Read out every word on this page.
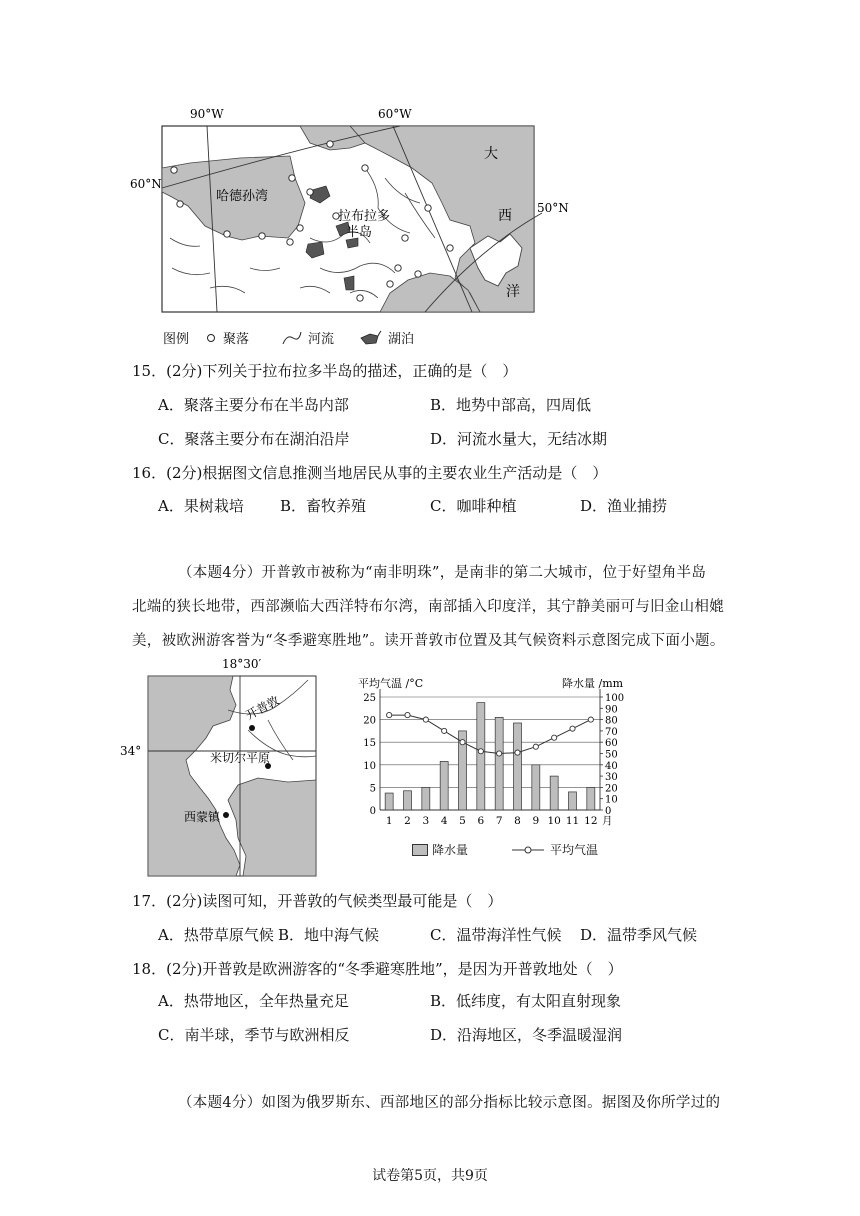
90°W	60°W
60°N
50°N
哈德孙湾
拉布拉多
半岛
大
西
洋
图例	聚落	河流	湖泊
15．(2分)下列关于拉布拉多半岛的描述，正确的是（　）
A．聚落主要分布在半岛内部	B．地势中部高，四周低
C．聚落主要分布在湖泊沿岸	D．河流水量大，无结冰期
16．(2分)根据图文信息推测当地居民从事的主要农业生产活动是（　）
A．果树栽培 B．畜牧养殖	C．咖啡种植	D．渔业捕捞
（本题4分）开普敦市被称为“南非明珠”，是南非的第二大城市，位于好望角半岛
北端的狭长地带，西部濒临大西洋特布尔湾，南部插入印度洋，其宁静美丽可与旧金山相媲
美，被欧洲游客誉为“冬季避寒胜地”。读开普敦市位置及其气候资料示意图完成下面小题。
18°30′
34°
开普敦
米切尔平原
西蒙镇
平均气温 /°C	降水量 /mm
0
5
10
15
20
25
0
10
20
30
40
50
60
70
80
90
100
1 2 3 4 5 6 7 8 9 10 11 12 月
降水量	平均气温
17．(2分)读图可知，开普敦的气候类型最可能是（　）
A．热带草原气候 B．地中海气候	C．温带海洋性气候 D．温带季风气候
18．(2分)开普敦是欧洲游客的“冬季避寒胜地”，是因为开普敦地处（　）
A．热带地区，全年热量充足	B．低纬度，有太阳直射现象
C．南半球，季节与欧洲相反	D．沿海地区，冬季温暖湿润
（本题4分）如图为俄罗斯东、西部地区的部分指标比较示意图。据图及你所学过的
试卷第5页，共9页
